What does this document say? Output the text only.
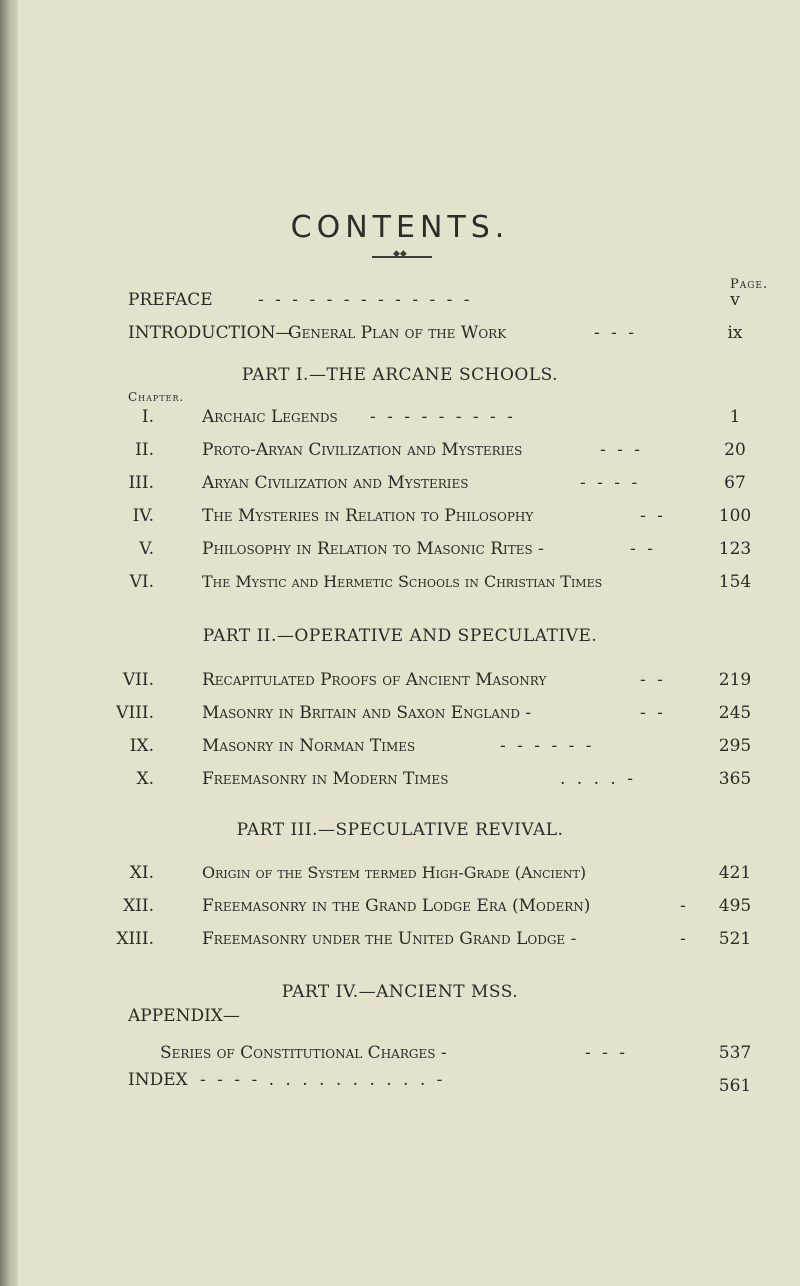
CONTENTS.
◆◆
Page.
PREFACE	- - - - - - - - - - - - -	v
INTRODUCTION—
General Plan of the Work	- - -	ix
PART I.—THE ARCANE SCHOOLS.
Chapter.
I.	Archaic Legends - - - - - - - - -	1
II.	Proto-Aryan Civilization and Mysteries	- - -	20
III.	Aryan Civilization and Mysteries	- - - -	67
IV.	The Mysteries in Relation to Philosophy	- -	100
V.	Philosophy in Relation to Masonic Rites -	- -	123
VI.	The Mystic and Hermetic Schools in Christian Times	154
PART II.—OPERATIVE AND SPECULATIVE.
VII.	Recapitulated Proofs of Ancient Masonry	- -	219
VIII.	Masonry in Britain and Saxon England -	- -	245
IX.	Masonry in Norman Times	- - - - - -	295
X.	Freemasonry in Modern Times	. . . . -	365
PART III.—SPECULATIVE REVIVAL.
XI.	Origin of the System termed High-Grade (Ancient)	421
XII.	Freemasonry in the Grand Lodge Era (Modern)	-	495
XIII.	Freemasonry under the United Grand Lodge -	-	521
PART IV.—ANCIENT MSS.
APPENDIX—
Series of Constitutional Charges -	- - -	537
INDEX - - - - . . . . . . . . . . -	561
